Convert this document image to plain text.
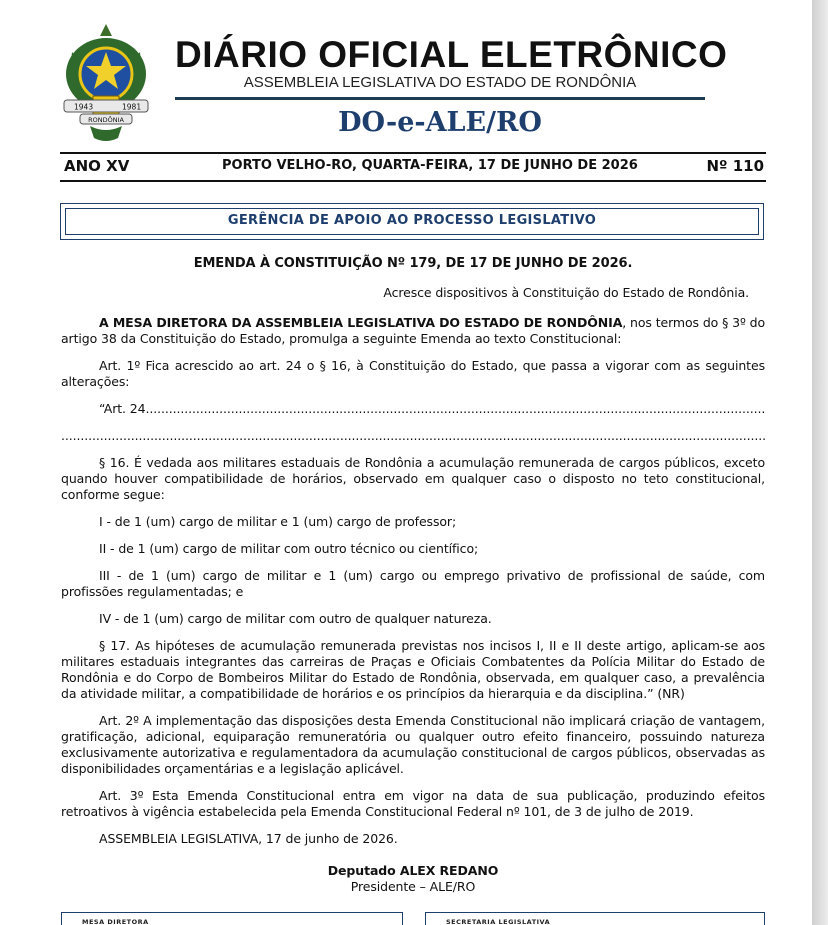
1943	1981
RONDÔNIA
DIÁRIO OFICIAL ELETRÔNICO
ASSEMBLEIA LEGISLATIVA DO ESTADO DE RONDÔNIA
DO-e-ALE/RO
ANO XV	PORTO VELHO-RO, QUARTA-FEIRA, 17 DE JUNHO DE 2026	Nº 110
GERÊNCIA DE APOIO AO PROCESSO LEGISLATIVO

EMENDA À CONSTITUIÇÃO Nº 179, DE 17 DE JUNHO DE 2026.

Acresce dispositivos à Constituição do Estado de Rondônia.

A MESA DIRETORA DA ASSEMBLEIA LEGISLATIVA DO ESTADO DE RONDÔNIA, nos termos do § 3º do artigo 38 da Constituição do Estado, promulga a seguinte Emenda ao texto Constitucional:

Art. 1º Fica acrescido ao art. 24 o § 16, à Constituição do Estado, que passa a vigorar com as seguintes alterações:

“Art. 24.
.....

.....

§ 16. É vedada aos militares estaduais de Rondônia a acumulação remunerada de cargos públicos, exceto quando houver compatibilidade de horários, observado em qualquer caso o disposto no teto constitucional, conforme segue:

I - de 1 (um) cargo de militar e 1 (um) cargo de professor;

II - de 1 (um) cargo de militar com outro técnico ou científico;

III - de 1 (um) cargo de militar e 1 (um) cargo ou emprego privativo de profissional de saúde, com profissões regulamentadas; e

IV - de 1 (um) cargo de militar com outro de qualquer natureza.

§ 17. As hipóteses de acumulação remunerada previstas nos incisos I, II e II deste artigo, aplicam-se aos militares estaduais integrantes das carreiras de Praças e Oficiais Combatentes da Polícia Militar do Estado de Rondônia e do Corpo de Bombeiros Militar do Estado de Rondônia, observada, em qualquer caso, a prevalência da atividade militar, a compatibilidade de horários e os princípios da hierarquia e da disciplina.” (NR)

Art. 2º A implementação das disposições desta Emenda Constitucional não implicará criação de vantagem, gratificação, adicional, equiparação remuneratória ou qualquer outro efeito financeiro, possuindo natureza exclusivamente autorizativa e regulamentadora da acumulação constitucional de cargos públicos, observadas as disponibilidades orçamentárias e a legislação aplicável.

Art. 3º Esta Emenda Constitucional entra em vigor na data de sua publicação, produzindo efeitos retroativos à vigência estabelecida pela Emenda Constitucional Federal nº 101, de 3 de julho de 2019.

ASSEMBLEIA LEGISLATIVA, 17 de junho de 2026.

Deputado ALEX REDANO

Presidente – ALE/RO

MESA DIRETORA	SECRETARIA LEGISLATIVA
